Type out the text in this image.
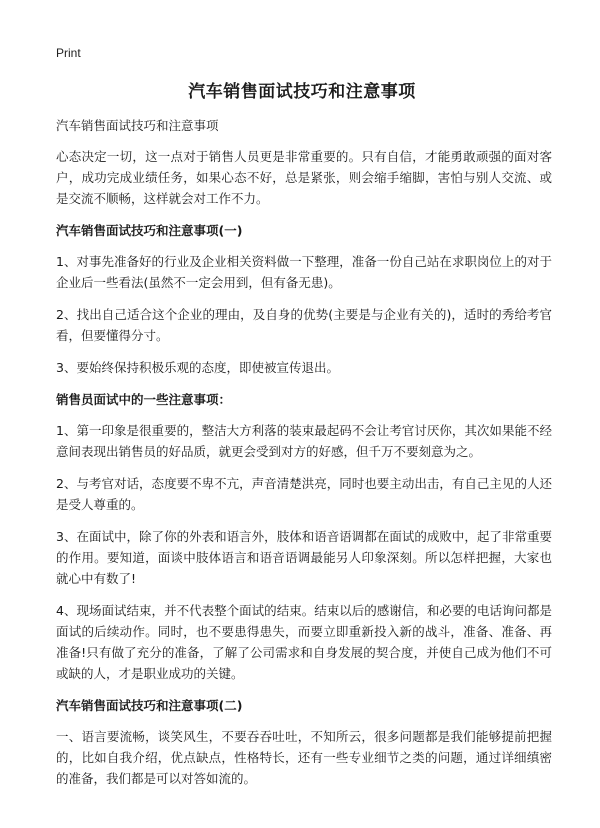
Print
汽车销售面试技巧和注意事项
汽车销售面试技巧和注意事项

心态决定一切，这一点对于销售人员更是非常重要的。只有自信，才能勇敢顽强的面对客户，成功完成业绩任务，如果心态不好，总是紧张，则会缩手缩脚，害怕与别人交流、或是交流不顺畅，这样就会对工作不力。

汽车销售面试技巧和注意事项(一)

1、对事先准备好的行业及企业相关资料做一下整理，准备一份自己站在求职岗位上的对于企业后一些看法(虽然不一定会用到，但有备无患)。

2、找出自己适合这个企业的理由，及自身的优势(主要是与企业有关的)，适时的秀给考官看，但要懂得分寸。

3、要始终保持积极乐观的态度，即使被宣传退出。

销售员面试中的一些注意事项：

1、第一印象是很重要的，整洁大方利落的装束最起码不会让考官讨厌你，其次如果能不经意间表现出销售员的好品质，就更会受到对方的好感，但千万不要刻意为之。

2、与考官对话，态度要不卑不亢，声音清楚洪亮，同时也要主动出击，有自己主见的人还是受人尊重的。

3、在面试中，除了你的外表和语言外，肢体和语音语调都在面试的成败中，起了非常重要的作用。要知道，面谈中肢体语言和语音语调最能另人印象深刻。所以怎样把握，大家也就心中有数了!

4、现场面试结束，并不代表整个面试的结束。结束以后的感谢信，和必要的电话询问都是面试的后续动作。同时，也不要患得患失，而要立即重新投入新的战斗，准备、准备、再准备!只有做了充分的准备，了解了公司需求和自身发展的契合度，并使自己成为他们不可或缺的人，才是职业成功的关键。

汽车销售面试技巧和注意事项(二)

一、语言要流畅，谈笑风生，不要吞吞吐吐，不知所云，很多问题都是我们能够提前把握的，比如自我介绍，优点缺点，性格特长，还有一些专业细节之类的问题，通过详细缜密的准备，我们都是可以对答如流的。
